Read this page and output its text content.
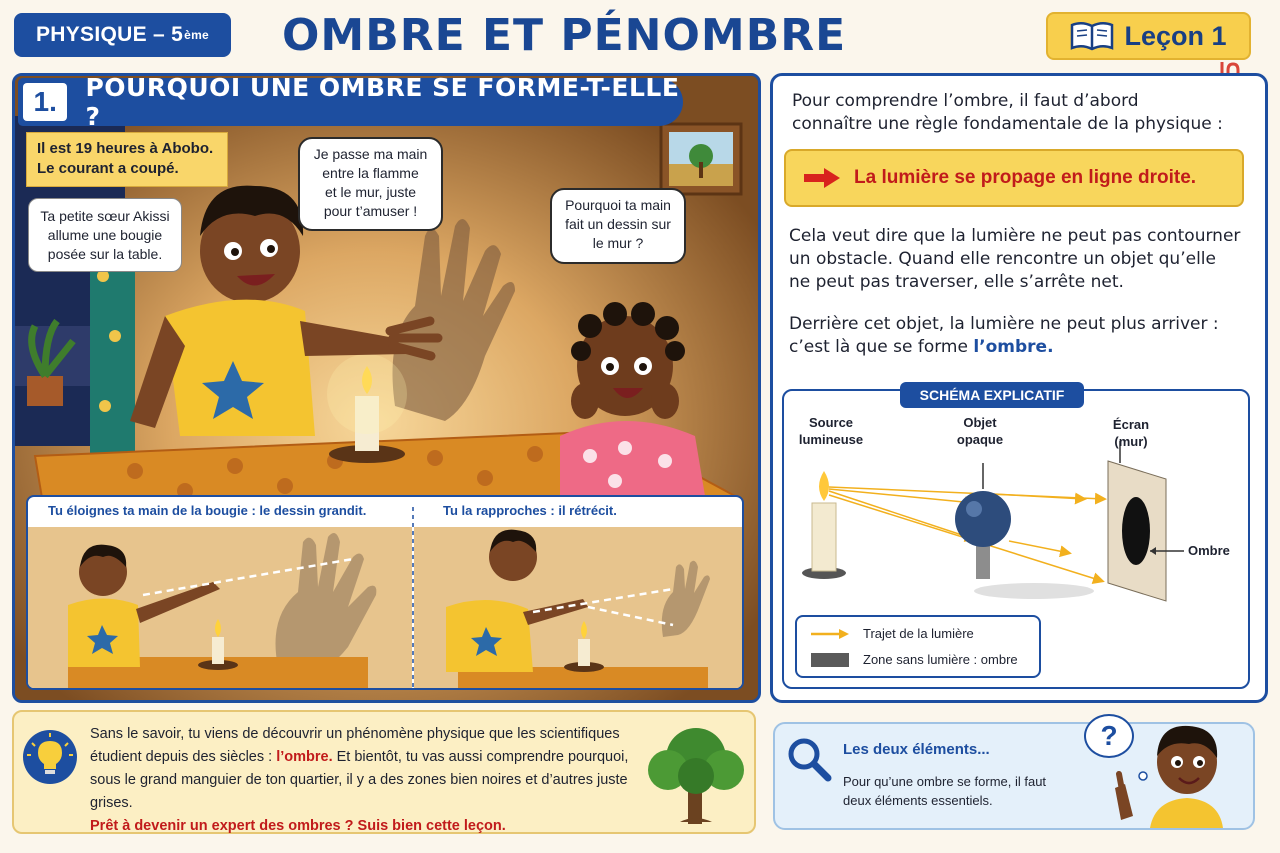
PHYSIQUE – 5 ème OMBRE ET PÉNOMBRE	Leçon 1
1.	POURQUOI UNE OMBRE SE FORME-T-ELLE ?
Il est 19 heures à Abobo.
Le courant a coupé.
Ta petite sœur Akissi
allume une bougie
posée sur la table.
Je passe ma main
entre la flamme
et le mur, juste
pour t’amuser !	Pourquoi ta main
fait un dessin sur
le mur ?
Tu éloignes ta main de la bougie : le dessin grandit.	Tu la rapproches : il rétrécit.
Pour comprendre l’ombre, il faut d’abord
connaître une règle fondamentale de la physique :
La lumière se propage en ligne droite.
Cela veut dire que la lumière ne peut pas contourner
un obstacle. Quand elle rencontre un objet qu’elle
ne peut pas traverser, elle s’arrête net.
Derrière cet objet, la lumière ne peut plus arriver :
c’est là que se forme l’ombre.
SCHÉMA EXPLICATIF
Source
lumineuse
Objet
opaque
Écran
(mur)
Ombre
Trajet de la lumière
Zone sans lumière : ombre
Sans le savoir, tu viens de découvrir un phénomène physique que les scientifiques
étudient depuis des siècles : l’ombre. Et bientôt, tu vas aussi comprendre pourquoi,
sous le grand manguier de ton quartier, il y a des zones bien noires et d’autres juste grises.
Prêt à devenir un expert des ombres ? Suis bien cette leçon.
Les deux éléments...
Pour qu’une ombre se forme, il faut
deux éléments essentiels.
?
